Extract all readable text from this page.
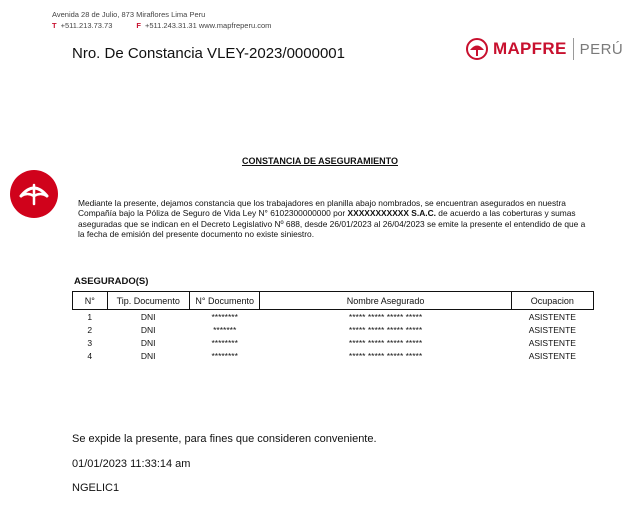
Avenida 28 de Julio, 873 Miraflores Lima Peru
T +511.213.73.73	F +511.243.31.31 www.mapfreperu.com
Nro. De Constancia VLEY-2023/0000001	MAPFRE PERÚ
CONSTANCIA DE ASEGURAMIENTO
Mediante la presente, dejamos constancia que los trabajadores en planilla abajo nombrados, se encuentran asegurados en nuestra Compañía bajo la Póliza de Seguro de Vida Ley N° 6102300000000 por XXXXXXXXXXX S.A.C. de acuerdo a las coberturas y sumas aseguradas que se indican en el Decreto Legislativo Nº 688, desde 26/01/2023 al 26/04/2023 se emite la presente el entendido de que a la fecha de emisión del presente documento no existe siniestro.
ASEGURADO(S)
N°	Tip. Documento	N° Documento	Nombre Asegurado	Ocupacion
1	DNI	********	***** ***** ***** *****	ASISTENTE
2	DNI	*******	***** ***** ***** *****	ASISTENTE
3	DNI	********	***** ***** ***** *****	ASISTENTE
4	DNI	********	***** ***** ***** *****	ASISTENTE
Se expide la presente, para fines que consideren conveniente.
01/01/2023 11:33:14 am
NGELIC1
